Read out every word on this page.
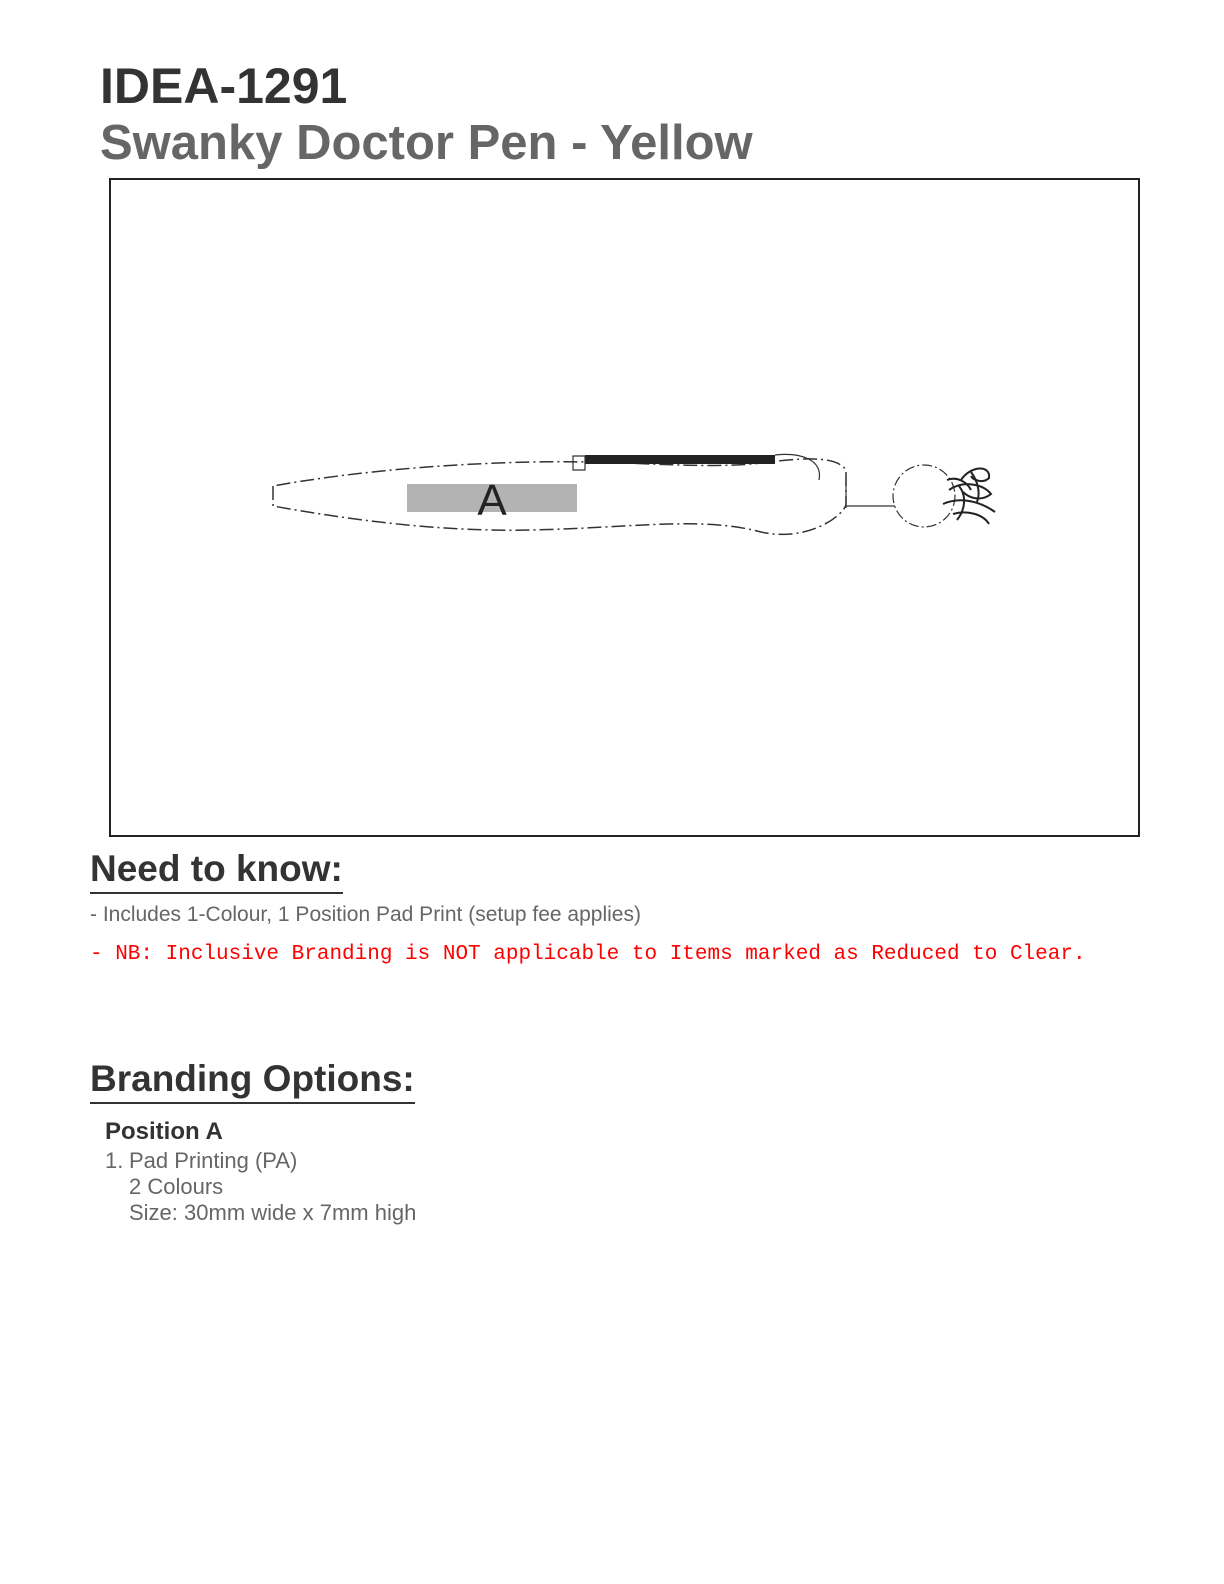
IDEA-1291
Swanky Doctor Pen - Yellow
A
Need to know:
- Includes 1-Colour, 1 Position Pad Print (setup fee applies)
- NB: Inclusive Branding is NOT applicable to Items marked as Reduced to Clear.
Branding Options:
Position A
1. Pad Printing (PA)
2 Colours
Size: 30mm wide x 7mm high
